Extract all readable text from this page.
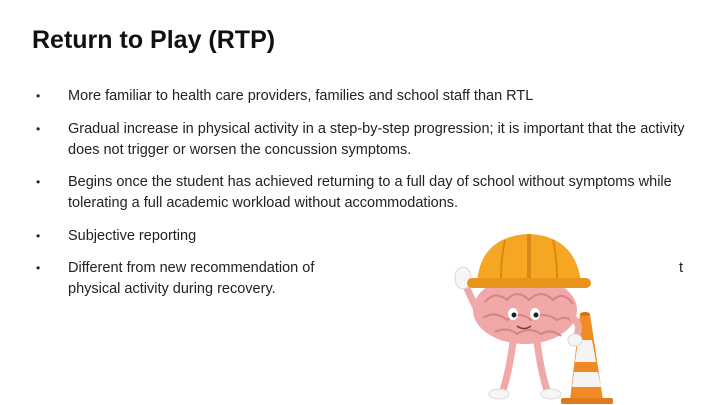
Return to Play (RTP)
• More familiar to health care providers, families and school staff than RTL
• Gradual increase in physical activity in a step-by-step progression; it is important that the activity does not trigger or worsen the concussion symptoms.
• Begins once the student has achieved returning to a full day of school without symptoms while tolerating a full academic workload without accommodations.
• Subjective reporting
• Different from new recommendation of
physical activity during recovery.
t
